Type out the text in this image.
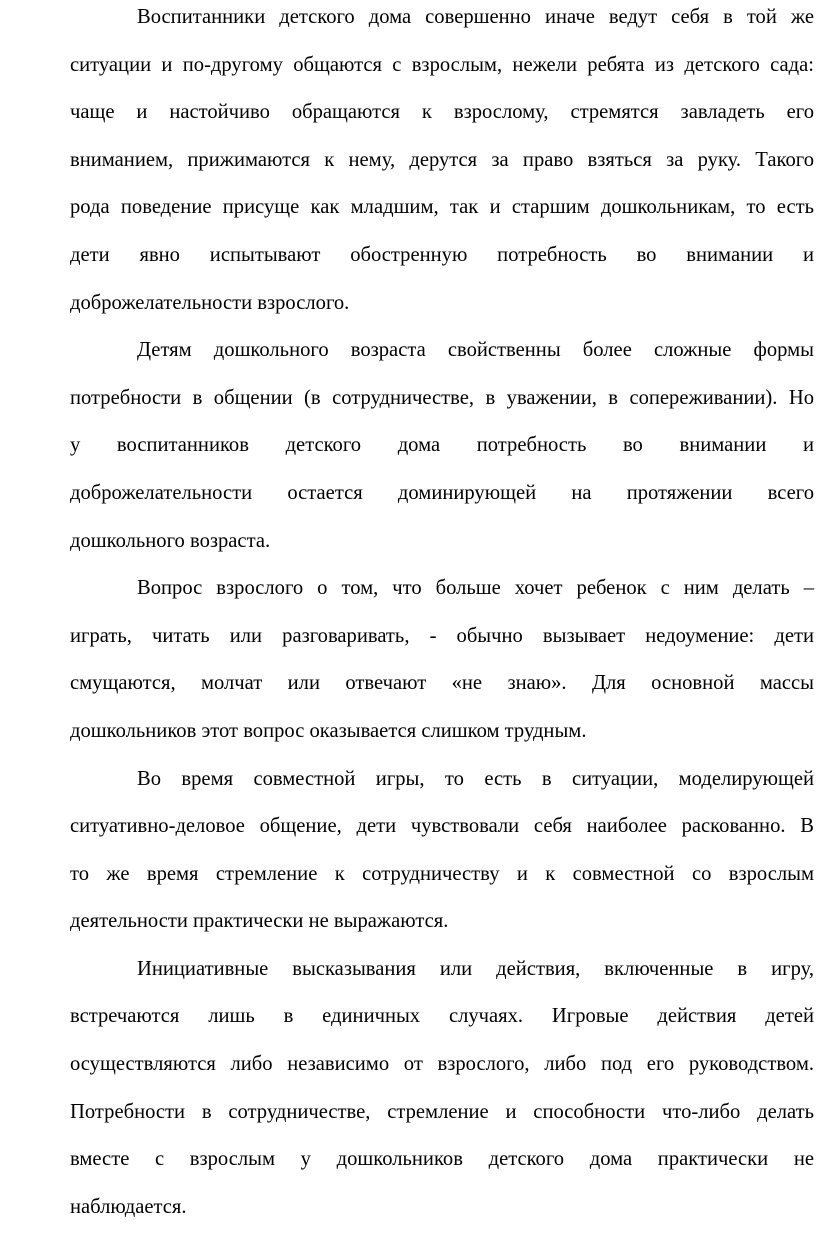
Воспитанники детского дома совершенно иначе ведут себя в той же
ситуации и по-другому общаются с взрослым, нежели ребята из детского сада:
чаще и настойчиво обращаются к взрослому, стремятся завладеть его
вниманием, прижимаются к нему, дерутся за право взяться за руку. Такого
рода поведение присуще как младшим, так и старшим дошкольникам, то есть
дети явно испытывают обостренную потребность во внимании и
доброжелательности взрослого.
Детям дошкольного возраста свойственны более сложные формы
потребности в общении (в сотрудничестве, в уважении, в сопереживании). Но
у воспитанников детского дома потребность во внимании и
доброжелательности остается доминирующей на протяжении всего
дошкольного возраста.
Вопрос взрослого о том, что больше хочет ребенок с ним делать –
играть, читать или разговаривать, - обычно вызывает недоумение: дети
смущаются, молчат или отвечают «не знаю». Для основной массы
дошкольников этот вопрос оказывается слишком трудным.
Во время совместной игры, то есть в ситуации, моделирующей
ситуативно-деловое общение, дети чувствовали себя наиболее раскованно. В
то же время стремление к сотрудничеству и к совместной со взрослым
деятельности практически не выражаются.
Инициативные высказывания или действия, включенные в игру,
встречаются лишь в единичных случаях. Игровые действия детей
осуществляются либо независимо от взрослого, либо под его руководством.
Потребности в сотрудничестве, стремление и способности что-либо делать
вместе с взрослым у дошкольников детского дома практически не
наблюдается.
